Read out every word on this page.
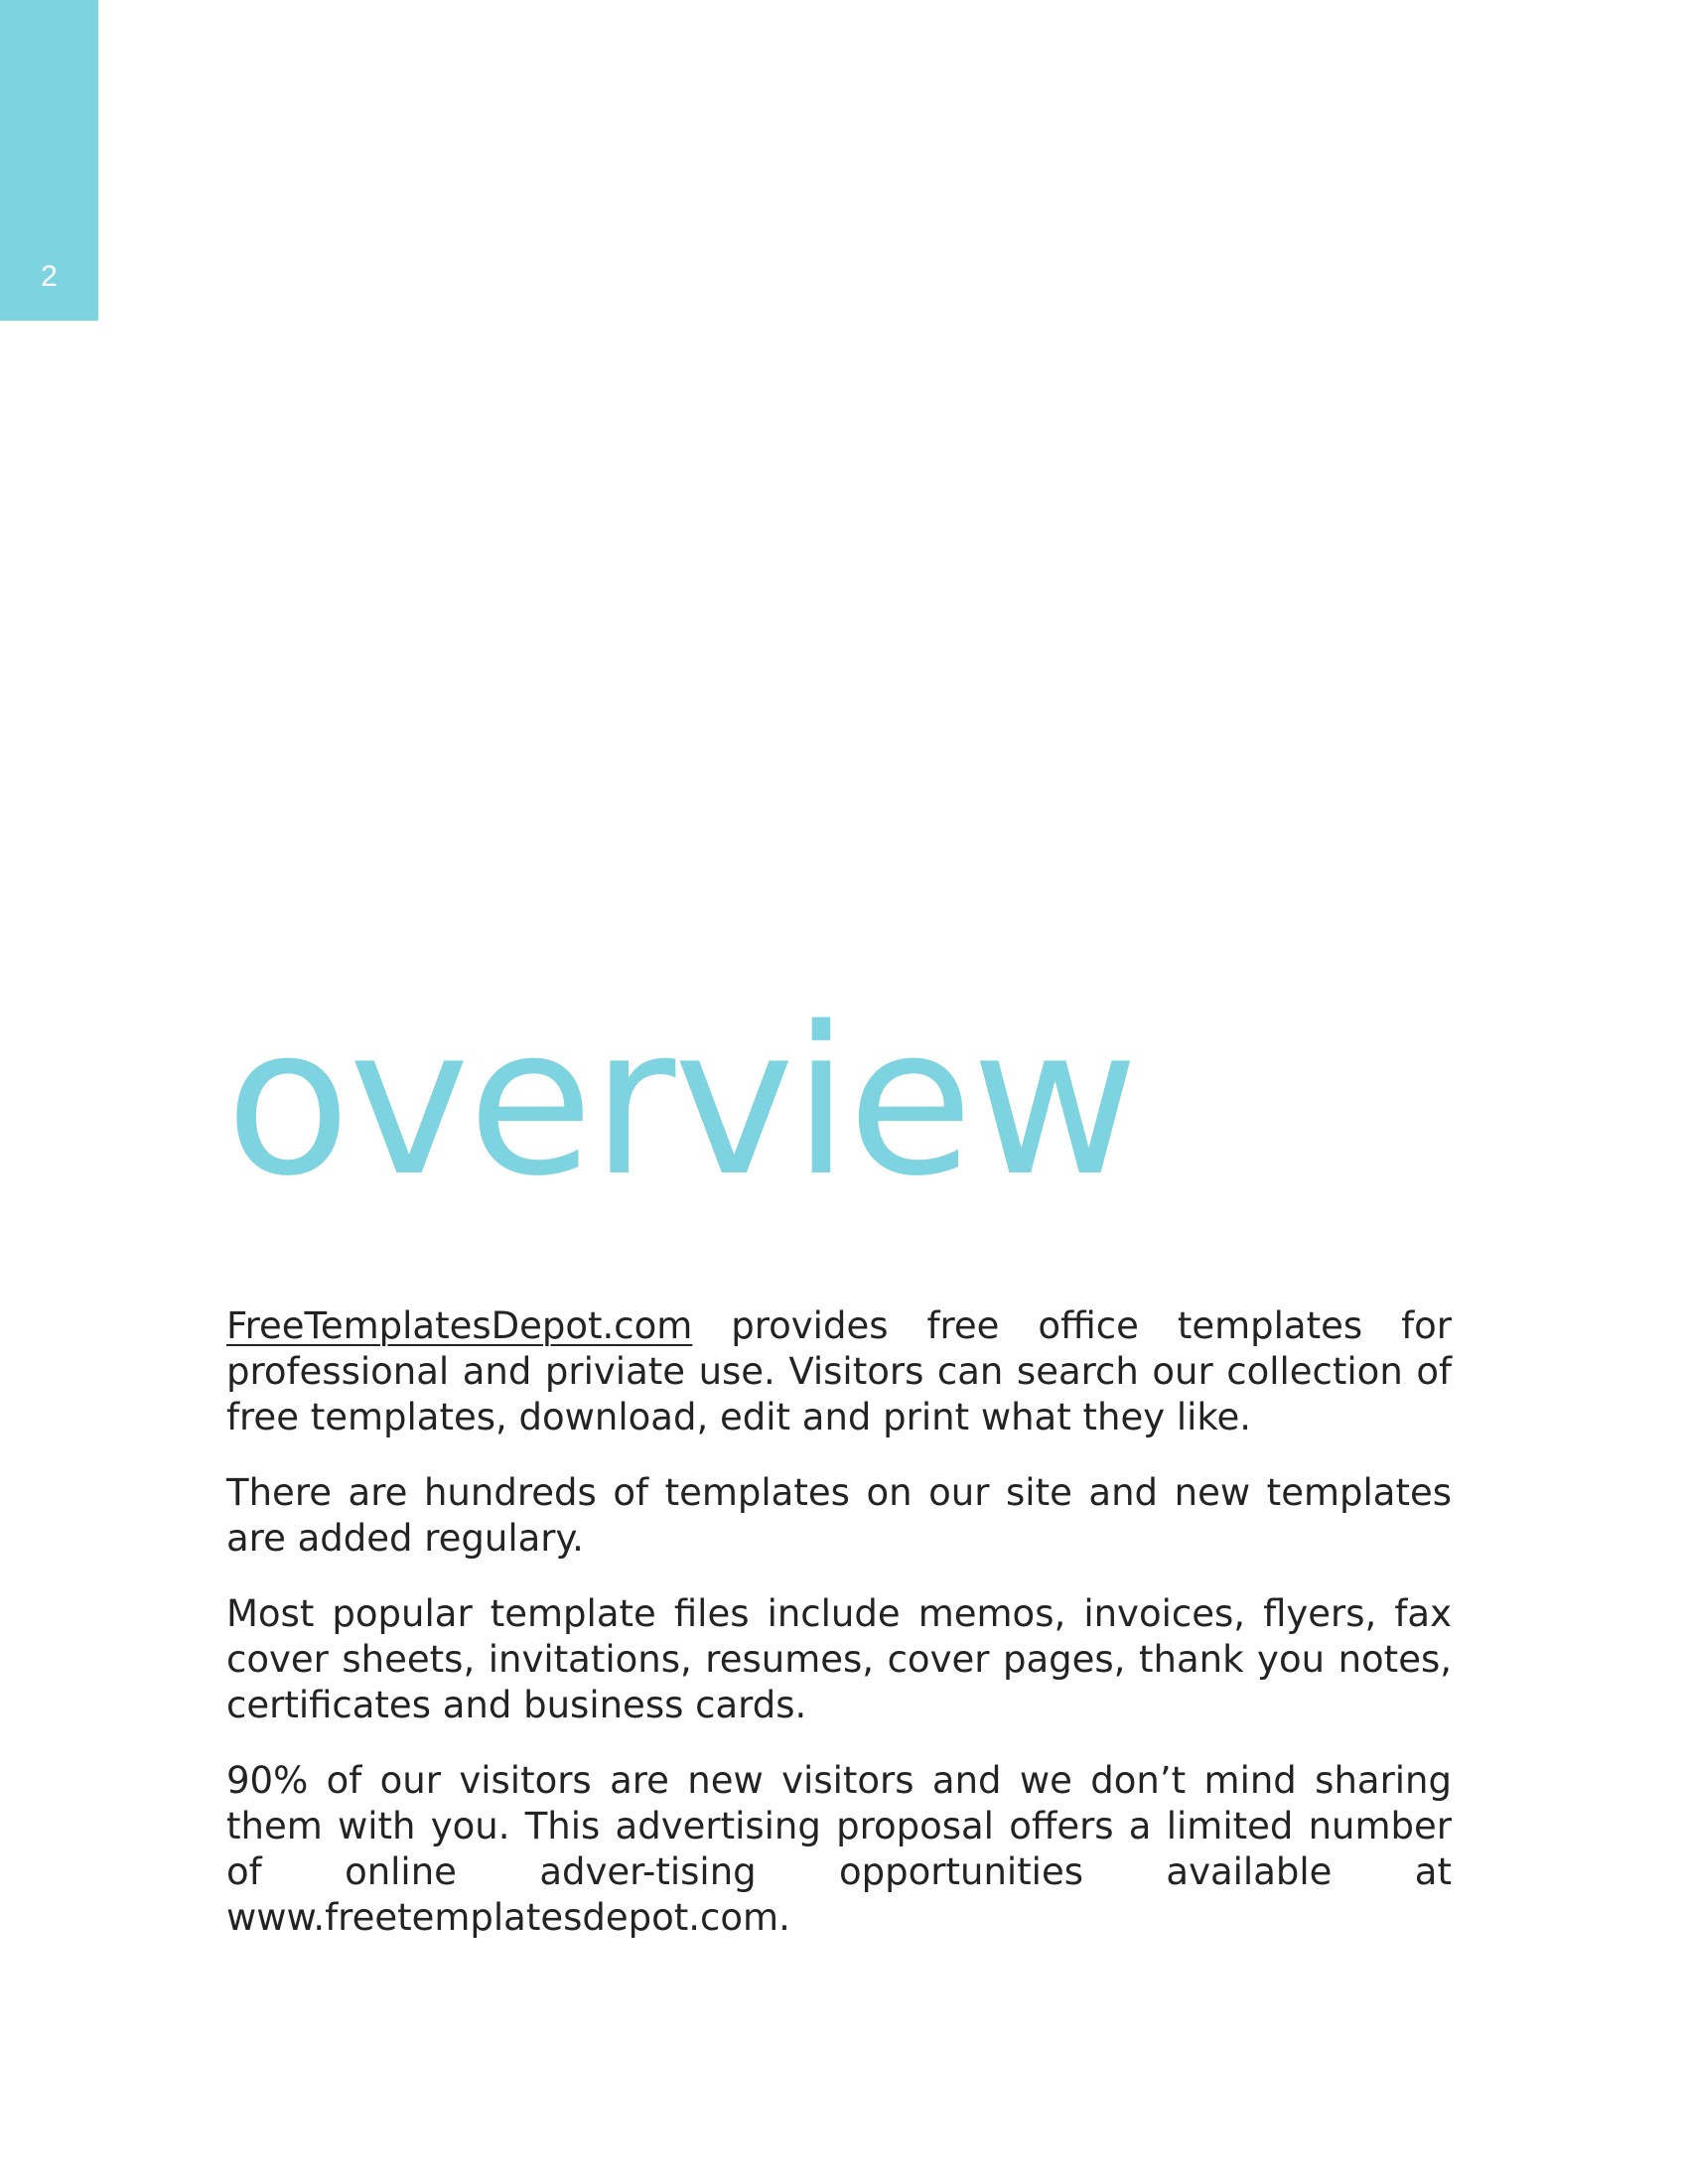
2
overview

FreeTemplatesDepot.com provides free office templates for professional and priviate use. Visitors can search our collection of free templates, download, edit and print what they like.

There are hundreds of templates on our site and new templates are added regulary.

Most popular template files include memos, invoices, flyers, fax cover sheets, invitations, resumes, cover pages, thank you notes, certificates and business cards.

90% of our visitors are new visitors and we don’t mind sharing them with you. This advertising proposal offers a limited number of online adver-tising opportunities available at www.freetemplatesdepot.com.
